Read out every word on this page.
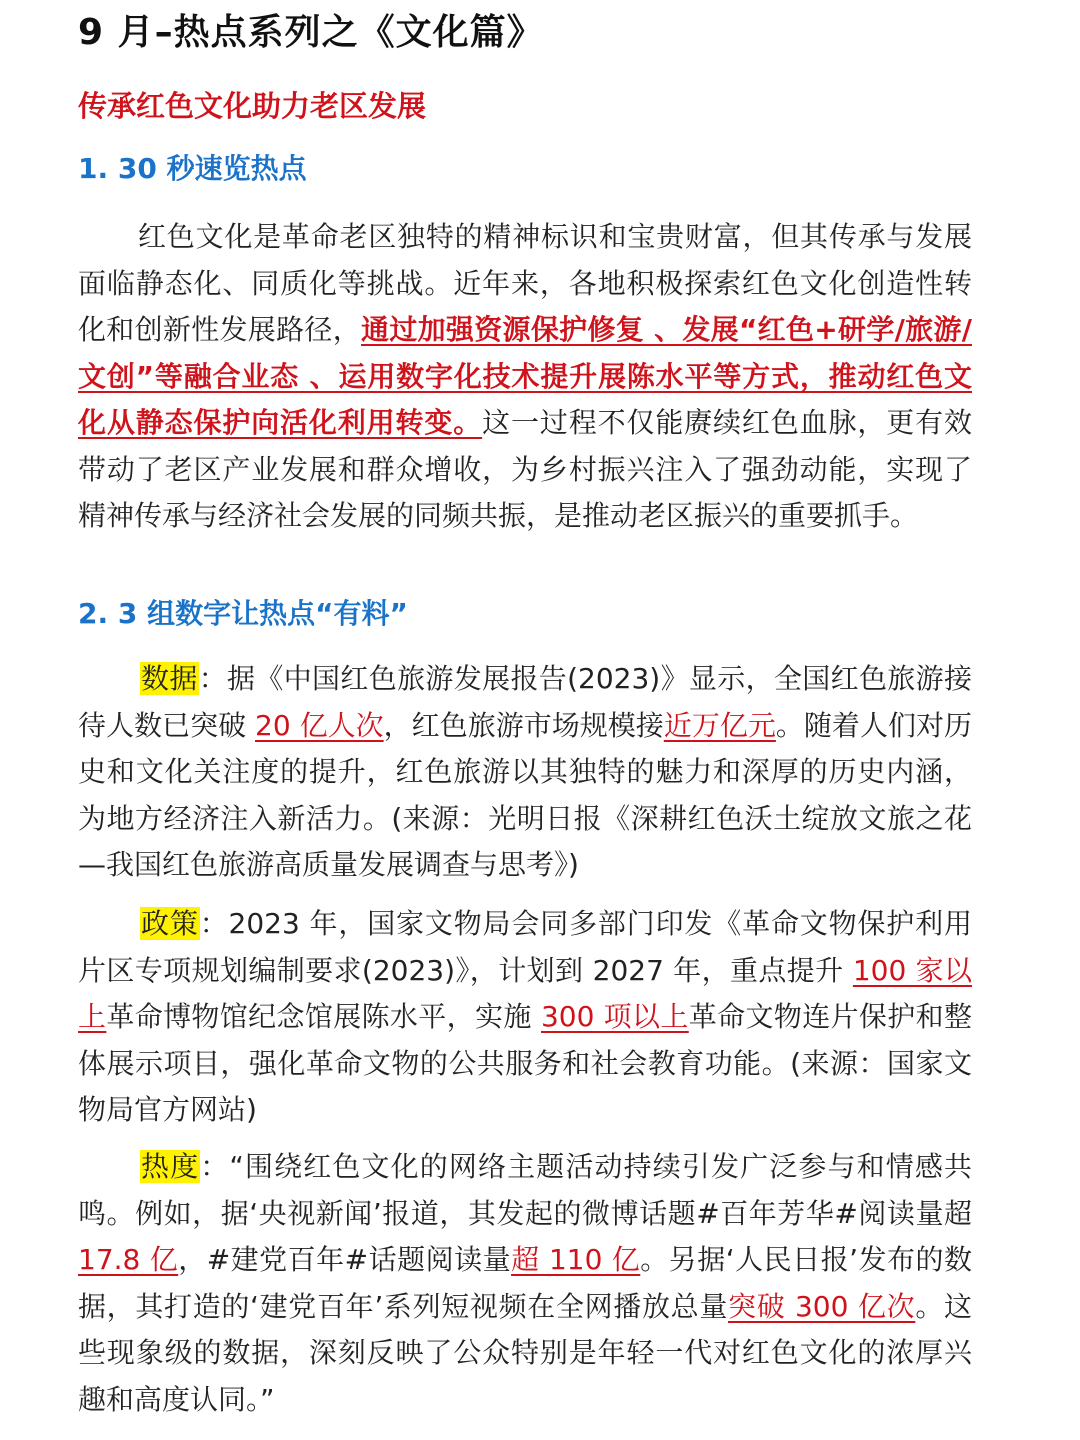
9 月–热点系列之《文化篇》
传承红色文化助力老区发展
1. 30 秒速览热点

红色文化是革命老区独特的精神标识和宝贵财富，但其传承与发展面临静态化、同质化等挑战。近年来，各地积极探索红色文化创造性转化和创新性发展路径，通过加强资源保护修复 、发展“红色+研学/旅游/文创”等融合业态 、运用数字化技术提升展陈水平等方式，推动红色文化从静态保护向活化利用转变。这一过程不仅能赓续红色血脉，更有效带动了老区产业发展和群众增收，为乡村振兴注入了强劲动能，实现了精神传承与经济社会发展的同频共振，是推动老区振兴的重要抓手。

2. 3 组数字让热点“有料”

数据：据《中国红色旅游发展报告(2023)》显示，全国红色旅游接待人数已突破 20 亿人次，红色旅游市场规模接近万亿元。随着人们对历史和文化关注度的提升，红色旅游以其独特的魅力和深厚的历史内涵，为地方经济注入新活力。(来源：光明日报《深耕红色沃土绽放文旅之花—我国红色旅游高质量发展调查与思考》)

政策：2023 年，国家文物局会同多部门印发《革命文物保护利用片区专项规划编制要求(2023)》，计划到 2027 年，重点提升 100 家以上革命博物馆纪念馆展陈水平，实施 300 项以上革命文物连片保护和整体展示项目，强化革命文物的公共服务和社会教育功能。(来源：国家文物局官方网站)

热度：“围绕红色文化的网络主题活动持续引发广泛参与和情感共鸣。例如，据‘央视新闻’报道，其发起的微博话题#百年芳华#阅读量超 17.8 亿，#建党百年#话题阅读量超 110 亿。另据‘人民日报’发布的数据，其打造的‘建党百年’系列短视频在全网播放总量突破 300 亿次。这些现象级的数据，深刻反映了公众特别是年轻一代对红色文化的浓厚兴趣和高度认同。”
